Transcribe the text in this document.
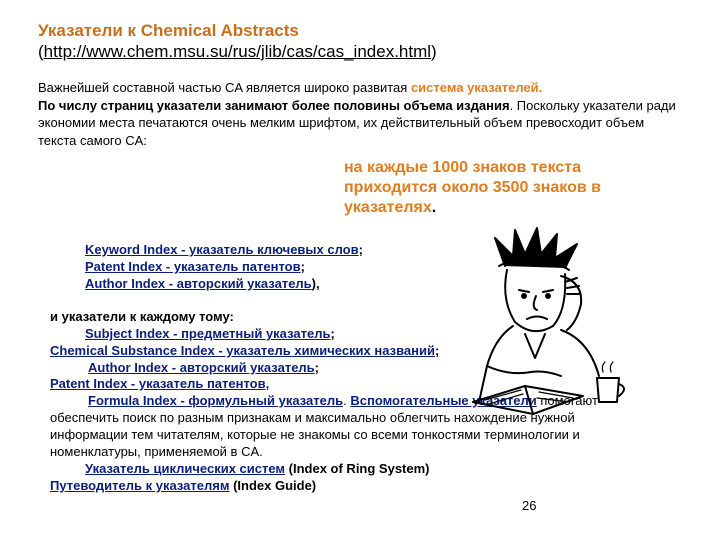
Указатели к Chemical Abstracts
(http://www.chem.msu.su/rus/jlib/cas/cas_index.html)
Важнейшей составной частью CA является широко развитая система указателей.
По числу страниц указатели занимают более половины объема издания. Поскольку указатели ради экономии места печатаются очень мелким шрифтом, их действительный объем превосходит объем текста самого CA:
на каждые 1000 знаков текста приходится около 3500 знаков в указателях.
Keyword Index - указатель ключевых слов;
Patent Index - указатель патентов;
Author Index - авторский указатель),
и указатели к каждому тому:
Subject Index - предметный указатель;
Chemical Substance Index - указатель химических названий;
Author Index - авторский указатель;
Patent Index - указатель патентов,
Formula Index - формульный указатель. Вспомогательные указатели помогают обеспечить поиск по разным признакам и максимально облегчить нахождение нужной информации тем читателям, которые не знакомы со всеми тонкостями терминологии и номенклатуры, применяемой в CA.
Указатель циклических систем (Index of Ring System)
Путеводитель к указателям (Index Guide)
26
